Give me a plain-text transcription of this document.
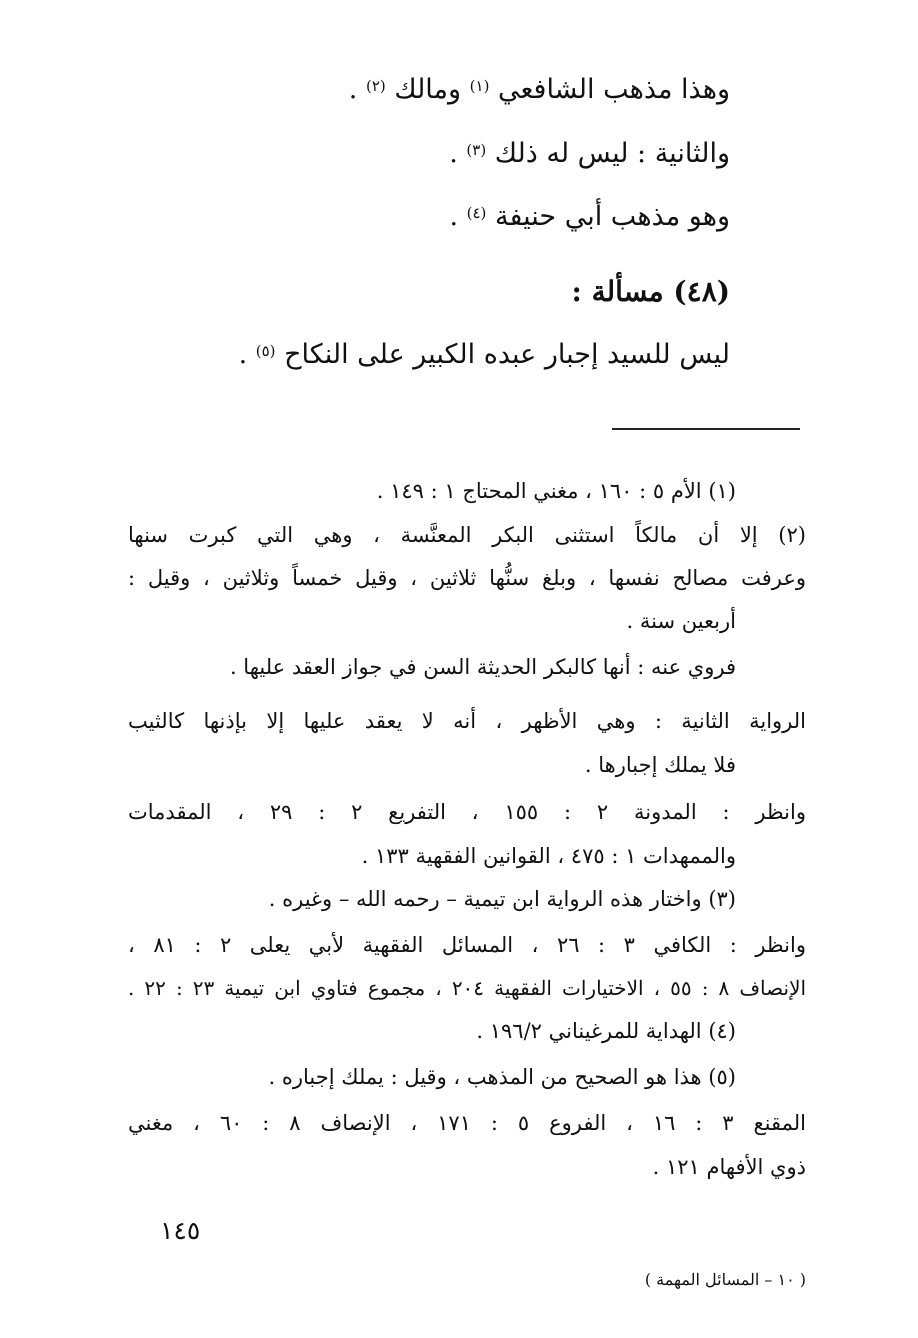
وهذا مذهب الشافعي $^{(١)}$ ومالك $^{(٢)}$ .
والثانية : ليس له ذلك $^{(٣)}$ .
وهو مذهب أبي حنيفة $^{(٤)}$ .
(٤٨) مسألة :
ليس للسيد إجبار عبده الكبير على النكاح $^{(٥)}$ .
(١) الأم ٥ : ١٦٠ ، مغني المحتاج ١ : ١٤٩ .
(٢) إلا أن مالكاً استثنى البكر المعنَّسة ، وهي التي كبرت سنها
وعرفت مصالح نفسها ، وبلغ سنُّها ثلاثين ، وقيل خمساً وثلاثين ، وقيل :
أربعين سنة .
فروي عنه : أنها كالبكر الحديثة السن في جواز العقد عليها .
الرواية الثانية : وهي الأظهر ، أنه لا يعقد عليها إلا بإذنها كالثيب
فلا يملك إجبارها .
وانظر : المدونة ٢ : ١٥٥ ، التفريع ٢ : ٢٩ ، المقدمات
والممهدات ١ : ٤٧٥ ، القوانين الفقهية ١٣٣ .
(٣) واختار هذه الرواية ابن تيمية – رحمه الله – وغيره .
وانظر : الكافي ٣ : ٢٦ ، المسائل الفقهية لأبي يعلى ٢ : ٨١ ،
الإنصاف ٨ : ٥٥ ، الاختيارات الفقهية ٢٠٤ ، مجموع فتاوي ابن تيمية ٢٣ : ٢٢ .
(٤) الهداية للمرغيناني ١٩٦/٢ .
(٥) هذا هو الصحيح من المذهب ، وقيل : يملك إجباره .
المقنع ٣ : ١٦ ، الفروع ٥ : ١٧١ ، الإنصاف ٨ : ٦٠ ، مغني
ذوي الأفهام ١٢١ .
١٤٥
( ١٠ – المسائل المهمة )
